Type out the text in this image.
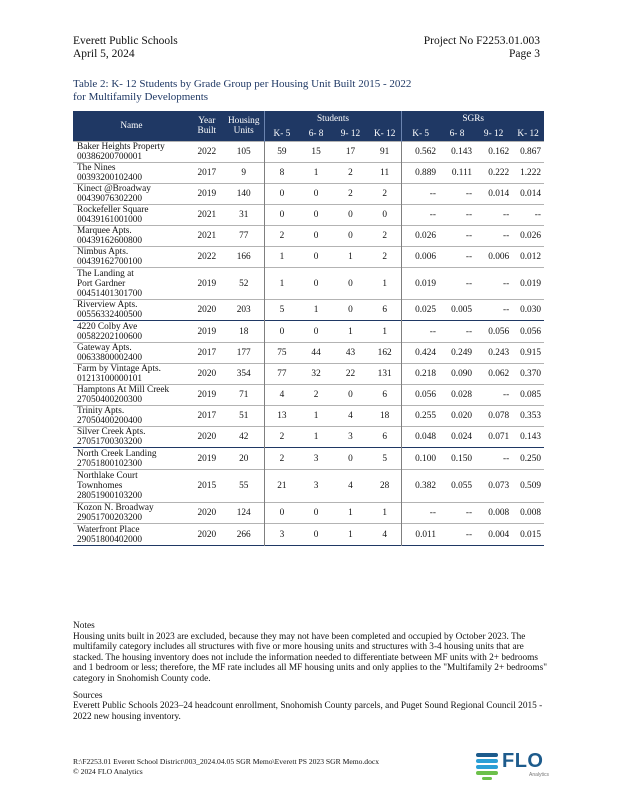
Everett Public Schools
April 5, 2024
Project No F2253.01.003
Page 3
Table 2: K- 12 Students by Grade Group per Housing Unit Built 2015 - 2022
for Multifamily Developments
Name	Year Built	Housing Units	Students				SGRs			
			K- 5	6- 8	9- 12	K- 12	K- 5	6- 8	9- 12	K- 12
Baker Heights Property
00386200700001	2022	105	59	15	17	91	0.562	0.143	0.162	0.867
The Nines
00393200102400	2017	9	8	1	2	11	0.889	0.111	0.222	1.222
Kinect @Broadway
00439076302200	2019	140	0	0	2	2	--	--	0.014	0.014
Rockefeller Square
00439161001000	2021	31	0	0	0	0	--	--	--	--
Marquee Apts.
00439162600800	2021	77	2	0	0	2	0.026	--	--	0.026
Nimbus Apts.
00439162700100	2022	166	1	0	1	2	0.006	--	0.006	0.012
The Landing at
Port Gardner
00451401301700	2019	52	1	0	0	1	0.019	--	--	0.019
Riverview Apts.
00556332400500	2020	203	5	1	0	6	0.025	0.005	--	0.030
4220 Colby Ave
00582202100600	2019	18	0	0	1	1	--	--	0.056	0.056
Gateway Apts.
00633800002400	2017	177	75	44	43	162	0.424	0.249	0.243	0.915
Farm by Vintage Apts.
01213100000101	2020	354	77	32	22	131	0.218	0.090	0.062	0.370
Hamptons At Mill Creek
27050400200300	2019	71	4	2	0	6	0.056	0.028	--	0.085
Trinity Apts.
27050400200400	2017	51	13	1	4	18	0.255	0.020	0.078	0.353
Silver Creek Apts.
27051700303200	2020	42	2	1	3	6	0.048	0.024	0.071	0.143
North Creek Landing
27051800102300	2019	20	2	3	0	5	0.100	0.150	--	0.250
Northlake Court
Townhomes
28051900103200	2015	55	21	3	4	28	0.382	0.055	0.073	0.509
Kozon N. Broadway
29051700203200	2020	124	0	0	1	1	--	--	0.008	0.008
Waterfront Place
29051800402000	2020	266	3	0	1	4	0.011	--	0.004	0.015

Notes

Housing units built in 2023 are excluded, because they may not have been completed and occupied by October 2023. The multifamily category includes all structures with five or more housing units and structures with 3-4 housing units that are stacked. The housing inventory does not include the information needed to differentiate between MF units with 2+ bedrooms and 1 bedroom or less; therefore, the MF rate includes all MF housing units and only applies to the "Multifamily 2+ bedrooms" category in Snohomish County code.

Sources

Everett Public Schools 2023–24 headcount enrollment, Snohomish County parcels, and Puget Sound Regional Council 2015 - 2022 new housing inventory.

R:\F2253.01 Everett School District\003_2024.04.05 SGR Memo\Everett PS 2023 SGR Memo.docx
© 2024 FLO Analytics	FLO
Analytics
